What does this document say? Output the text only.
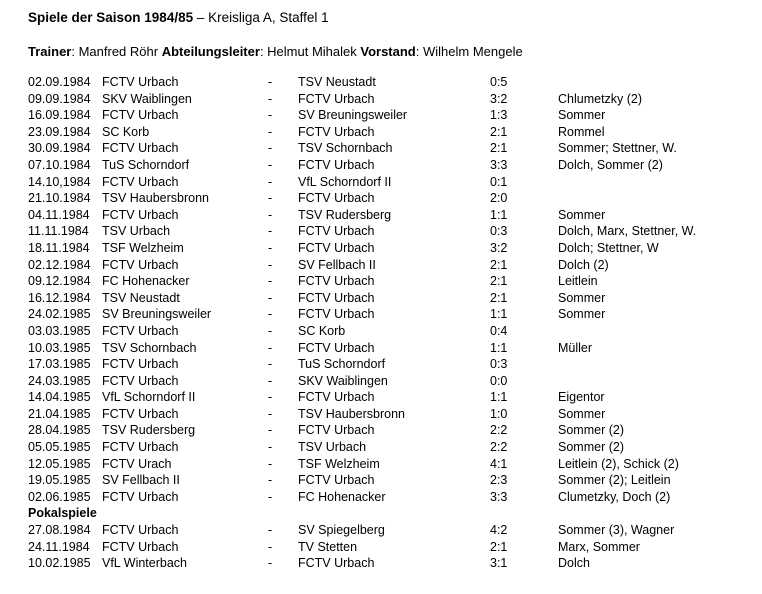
Spiele der Saison 1984/85 – Kreisliga A, Staffel 1
Trainer: Manfred Röhr Abteilungsleiter: Helmut Mihalek Vorstand: Wilhelm Mengele
02.09.1984	FCTV Urbach	-	TSV Neustadt	0:5	
09.09.1984	SKV Waiblingen	-	FCTV Urbach	3:2	Chlumetzky (2)
16.09.1984	FCTV Urbach	-	SV Breuningsweiler	1:3	Sommer
23.09.1984	SC Korb	-	FCTV Urbach	2:1	Rommel
30.09.1984	FCTV Urbach	-	TSV Schornbach	2:1	Sommer; Stettner, W.
07.10.1984	TuS Schorndorf	-	FCTV Urbach	3:3	Dolch, Sommer (2)
14.10,1984	FCTV Urbach	-	VfL Schorndorf II	0:1	
21.10.1984	TSV Haubersbronn	-	FCTV Urbach	2:0	
04.11.1984	FCTV Urbach	-	TSV Rudersberg	1:1	Sommer
11.11.1984	TSV Urbach	-	FCTV Urbach	0:3	Dolch, Marx, Stettner, W.
18.11.1984	TSF Welzheim	-	FCTV Urbach	3:2	Dolch; Stettner, W
02.12.1984	FCTV Urbach	-	SV Fellbach II	2:1	Dolch (2)
09.12.1984	FC Hohenacker	-	FCTV Urbach	2:1	Leitlein
16.12.1984	TSV Neustadt	-	FCTV Urbach	2:1	Sommer
24.02.1985	SV Breuningsweiler	-	FCTV Urbach	1:1	Sommer
03.03.1985	FCTV Urbach	-	SC Korb	0:4	
10.03.1985	TSV Schornbach	-	FCTV Urbach	1:1	Müller
17.03.1985	FCTV Urbach	-	TuS Schorndorf	0:3	
24.03.1985	FCTV Urbach	-	SKV Waiblingen	0:0	
14.04.1985	VfL Schorndorf II	-	FCTV Urbach	1:1	Eigentor
21.04.1985	FCTV Urbach	-	TSV Haubersbronn	1:0	Sommer
28.04.1985	TSV Rudersberg	-	FCTV Urbach	2:2	Sommer (2)
05.05.1985	FCTV Urbach	-	TSV Urbach	2:2	Sommer (2)
12.05.1985	FCTV Urach	-	TSF Welzheim	4:1	Leitlein (2), Schick (2)
19.05.1985	SV Fellbach II	-	FCTV Urbach	2:3	Sommer (2); Leitlein
02.06.1985	FCTV Urbach	-	FC Hohenacker	3:3	Clumetzky, Doch (2)
Pokalspiele					
27.08.1984	FCTV Urbach	-	SV Spiegelberg	4:2	Sommer (3), Wagner
24.11.1984	FCTV Urbach	-	TV Stetten	2:1	Marx, Sommer
10.02.1985	VfL Winterbach	-	FCTV Urbach	3:1	Dolch
